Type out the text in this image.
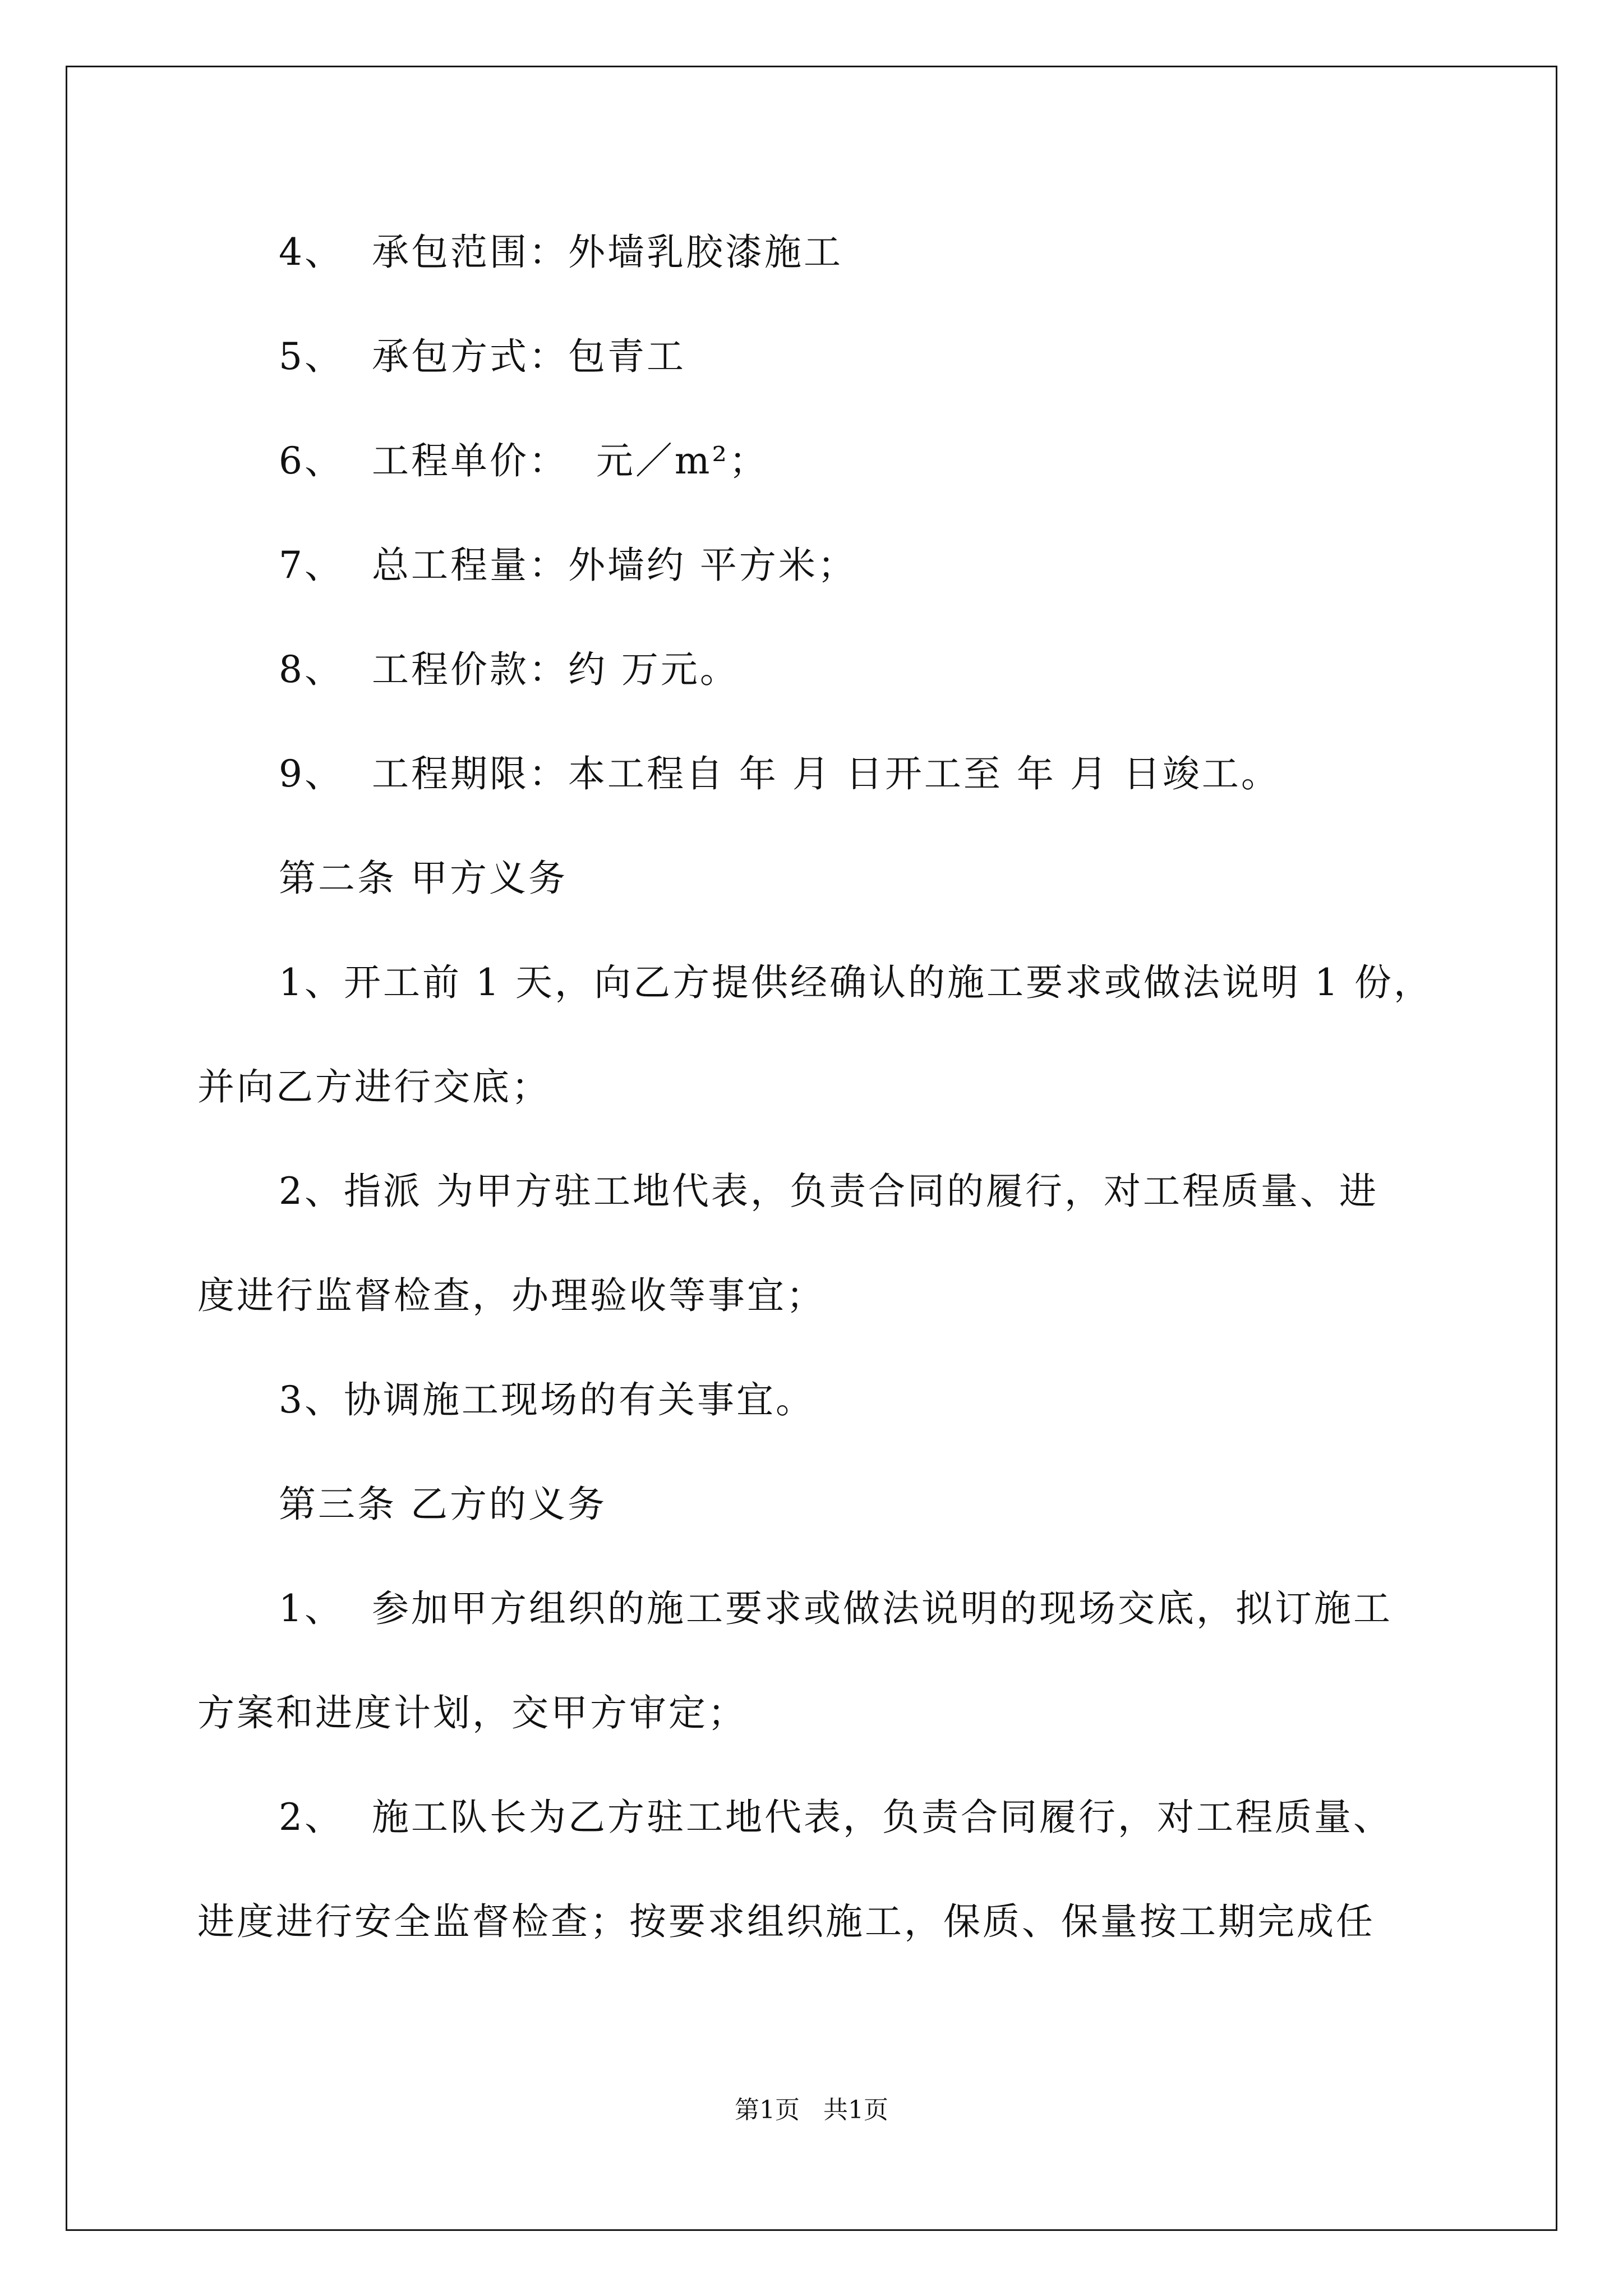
4、  承包范围：外墙乳胶漆施工
5、  承包方式：包青工
6、  工程单价：  元／m²；
7、  总工程量：外墙约 平方米；
8、  工程价款：约 万元。
9、  工程期限：本工程自 年 月 日开工至 年 月 日竣工。
第二条 甲方义务
1、开工前 1 天，向乙方提供经确认的施工要求或做法说明 1 份，
并向乙方进行交底；
2、指派 为甲方驻工地代表，负责合同的履行，对工程质量、进
度进行监督检查，办理验收等事宜；
3、协调施工现场的有关事宜。
第三条 乙方的义务
1、  参加甲方组织的施工要求或做法说明的现场交底，拟订施工
方案和进度计划，交甲方审定；
2、  施工队长为乙方驻工地代表，负责合同履行，对工程质量、
进度进行安全监督检查；按要求组织施工，保质、保量按工期完成任
第1页   共1页
